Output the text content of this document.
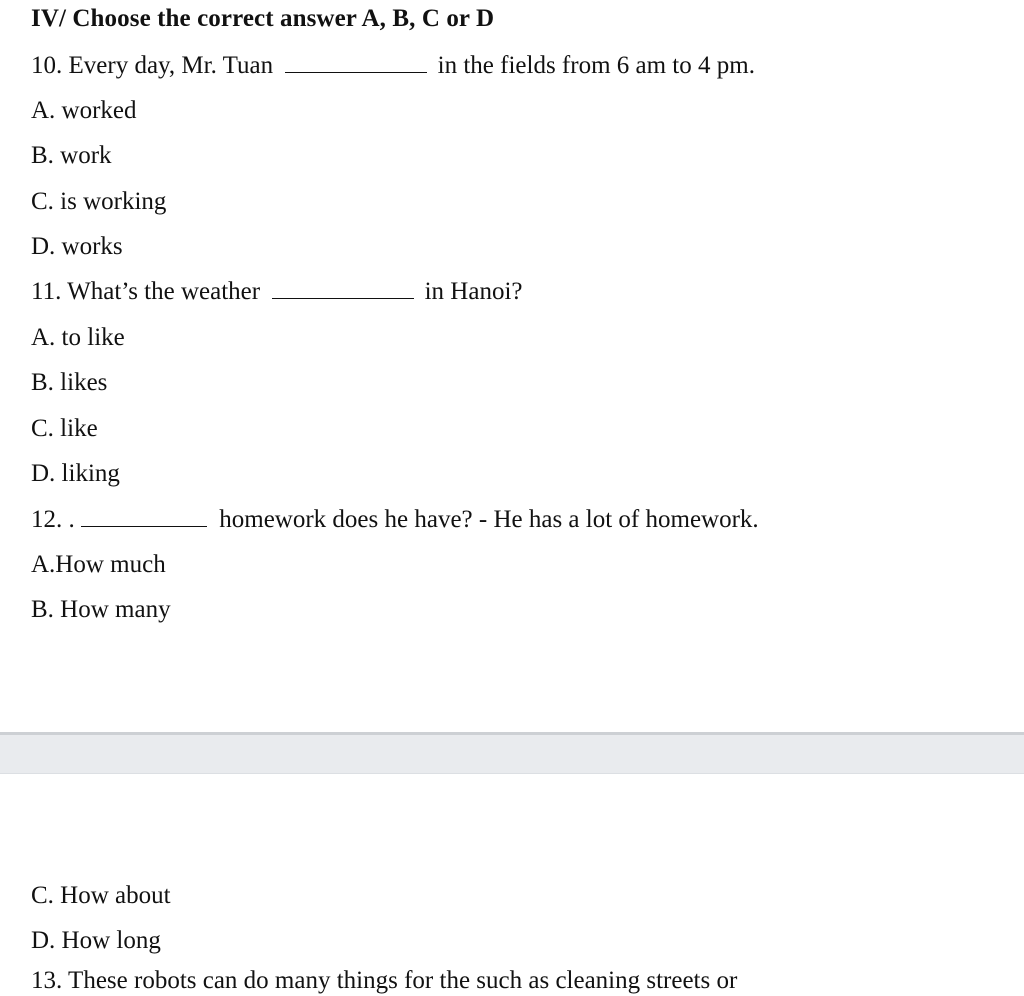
IV/ Choose the correct answer A, B, C or D
10. Every day, Mr. Tuan	in the fields from 6 am to 4 pm.
A. worked
B. work
C. is working
D. works
11. What’s the weather	in Hanoi?
A. to like
B. likes
C. like
D. liking
12. .	homework does he have? - He has a lot of homework.
A.How much
B. How many
C. How about
D. How long
13. These robots can do many things for the such as cleaning streets or
